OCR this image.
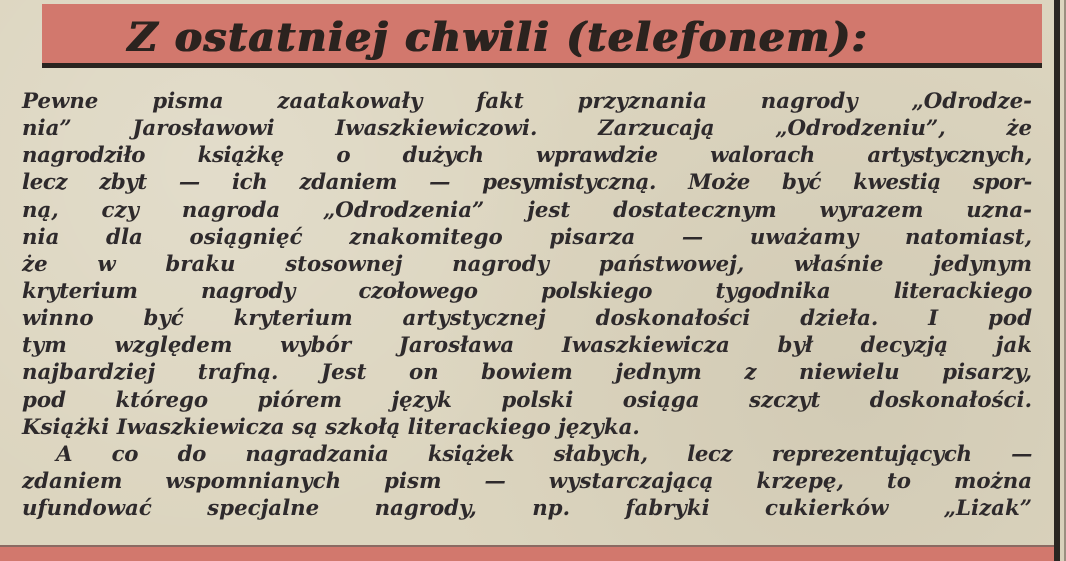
Z ostatniej chwili (telefonem):
Pewne pisma zaatakowały fakt przyznania nagrody „Odrodze-
nia” Jarosławowi Iwaszkiewiczowi. Zarzucają „Odrodzeniu”, że
nagrodziło książkę o dużych wprawdzie walorach artystycznych,
lecz zbyt — ich zdaniem — pesymistyczną. Może być kwestią spor-
ną, czy nagroda „Odrodzenia” jest dostatecznym wyrazem uzna-
nia dla osiągnięć znakomitego pisarza — uważamy natomiast,
że w braku stosownej nagrody państwowej, właśnie jedynym
kryterium nagrody czołowego polskiego tygodnika literackiego
winno być kryterium artystycznej doskonałości dzieła. I pod
tym względem wybór Jarosława Iwaszkiewicza był decyzją jak
najbardziej trafną. Jest on bowiem jednym z niewielu pisarzy,
pod którego piórem język polski osiąga szczyt doskonałości.
Książki Iwaszkiewicza są szkołą literackiego języka.
A co do nagradzania książek słabych, lecz reprezentujących —
zdaniem wspomnianych pism — wystarczającą krzepę, to można
ufundować specjalne nagrody, np. fabryki cukierków „Lizak”
